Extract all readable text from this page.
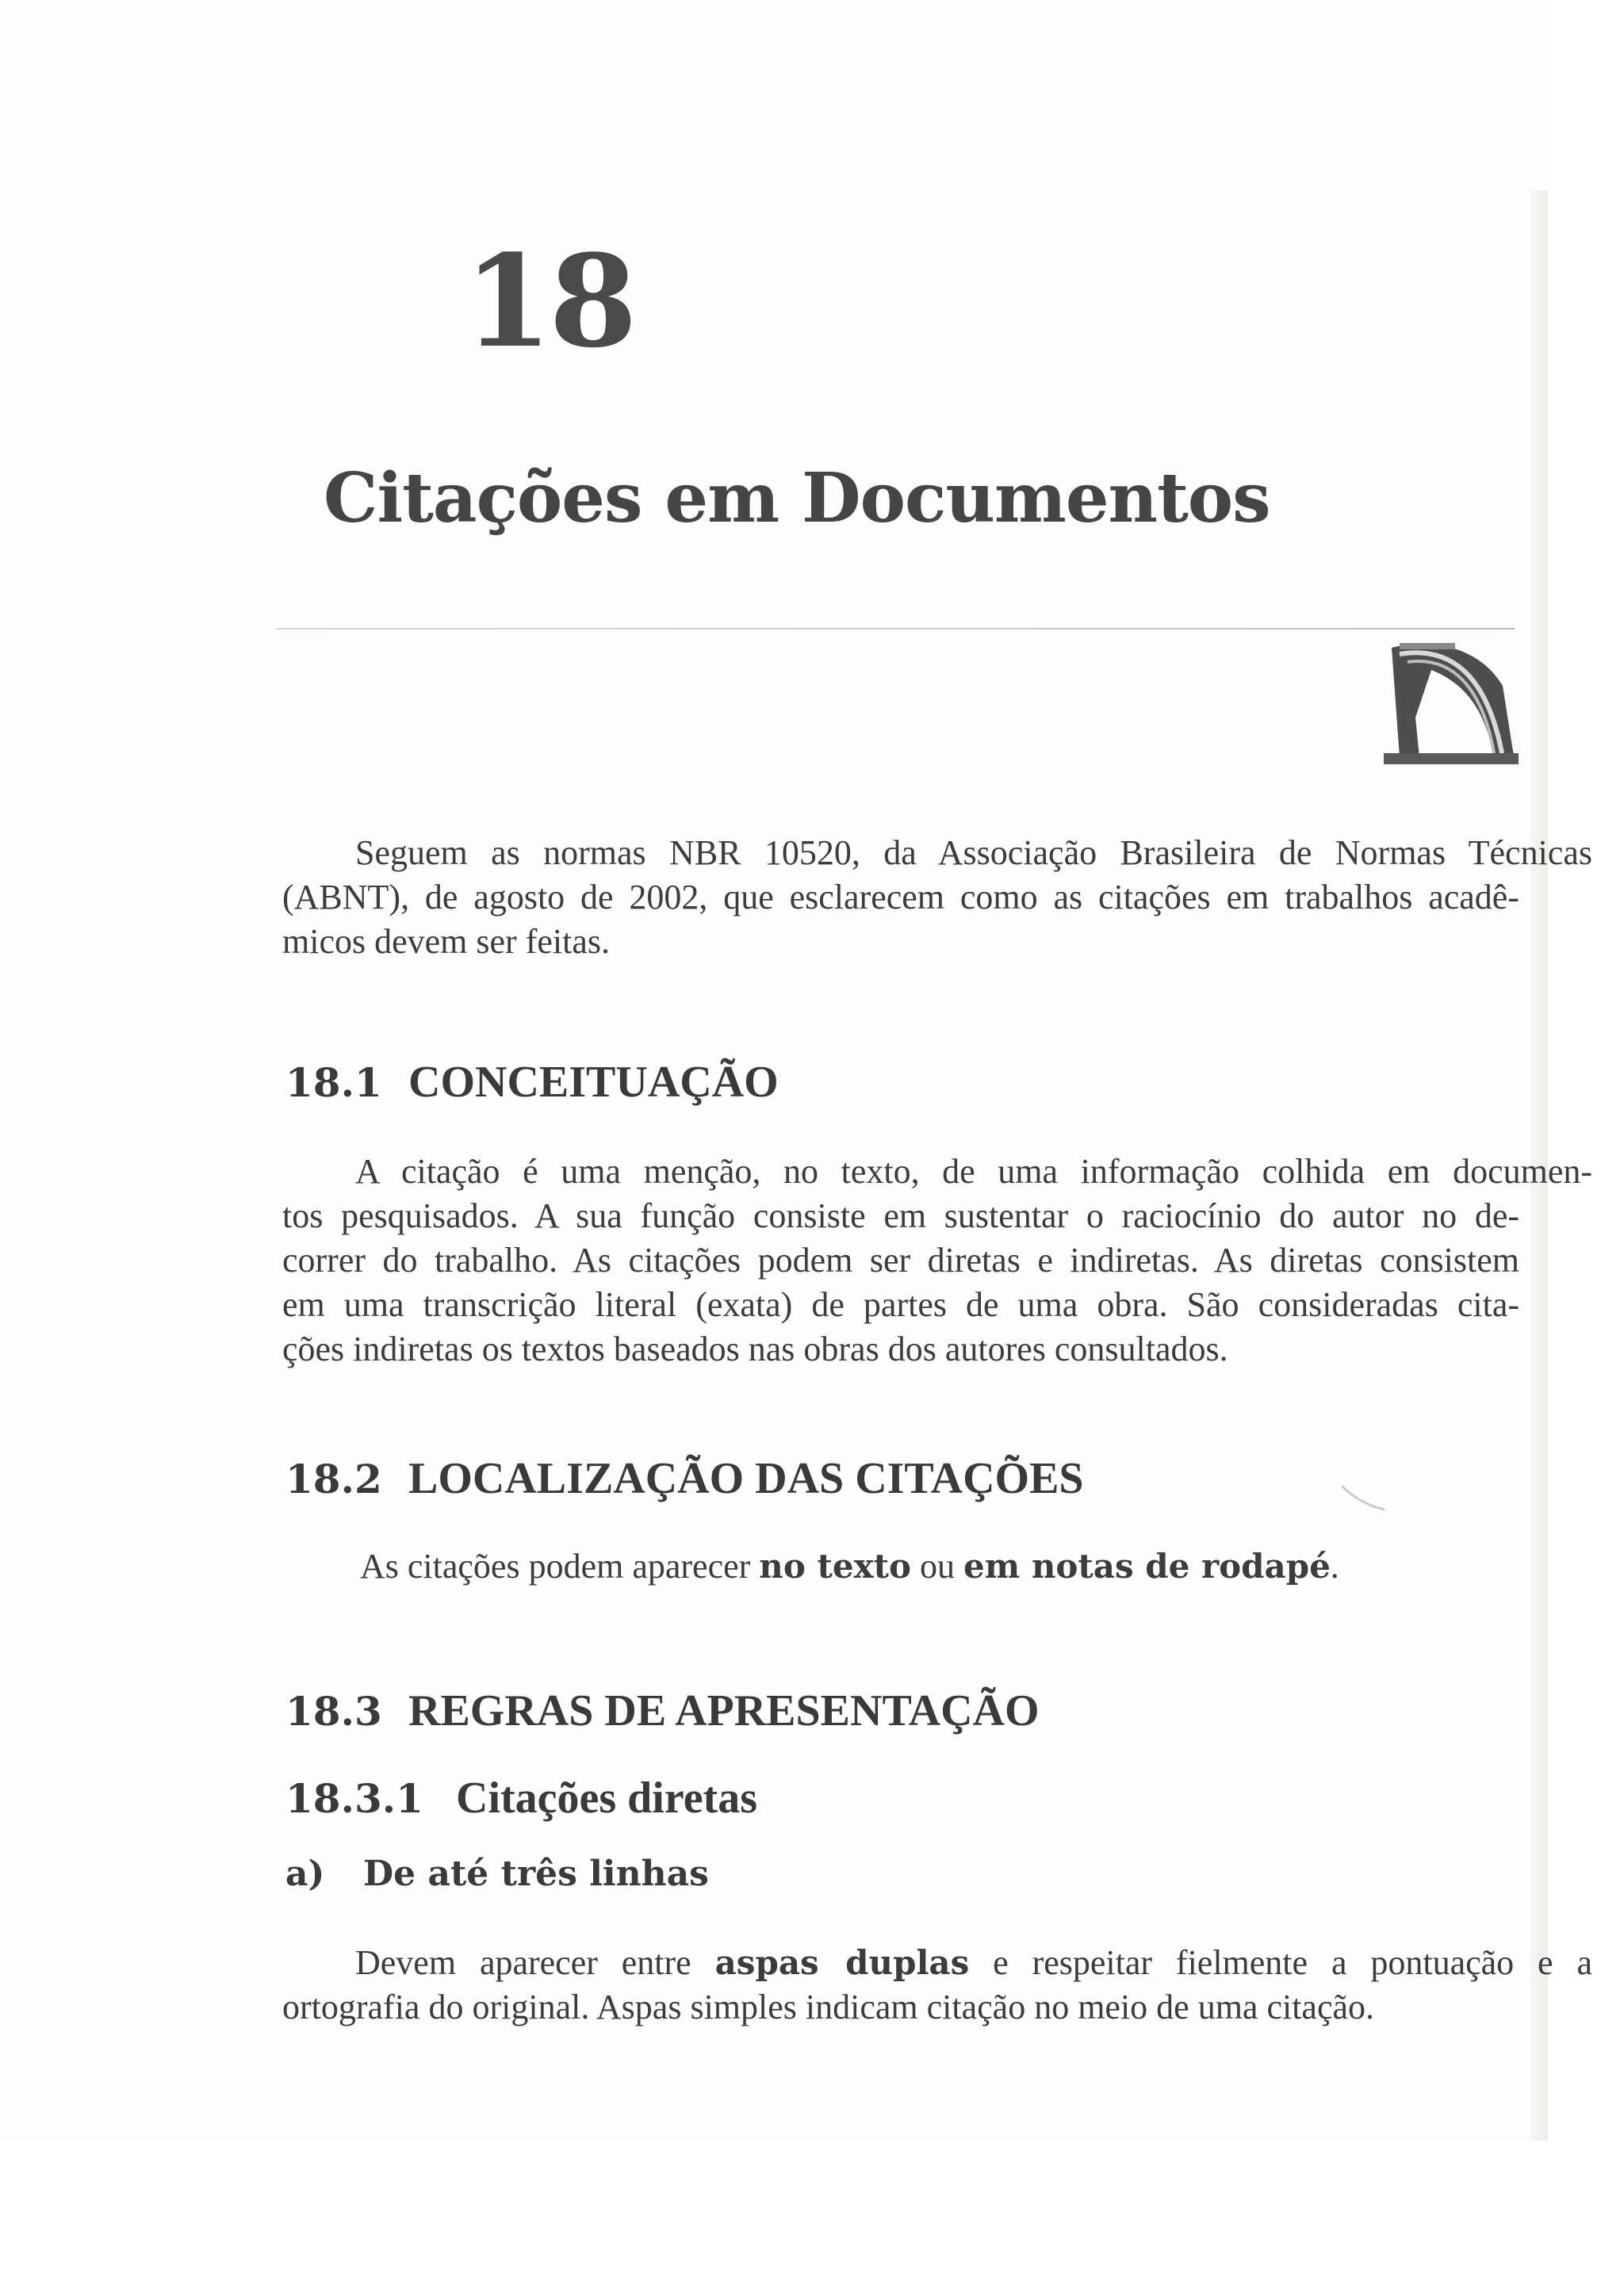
18
Citações em Documentos
Seguem as normas NBR 10520, da Associação Brasileira de Normas Técnicas
(ABNT), de agosto de 2002, que esclarecem como as citações em trabalhos acadê-
micos devem ser feitas.
18.1 CONCEITUAÇÃO
A citação é uma menção, no texto, de uma informação colhida em documen-
tos pesquisados. A sua função consiste em sustentar o raciocínio do autor no de-
correr do trabalho. As citações podem ser diretas e indiretas. As diretas consistem
em uma transcrição literal (exata) de partes de uma obra. São consideradas cita-
ções indiretas os textos baseados nas obras dos autores consultados.
18.2 LOCALIZAÇÃO DAS CITAÇÕES

As citações podem aparecer no texto ou em notas de rodapé.

18.3 REGRAS DE APRESENTAÇÃO
18.3.1 Citações diretas
a) De até três linhas
Devem aparecer entre aspas duplas e respeitar fielmente a pontuação e a
ortografia do original. Aspas simples indicam citação no meio de uma citação.
